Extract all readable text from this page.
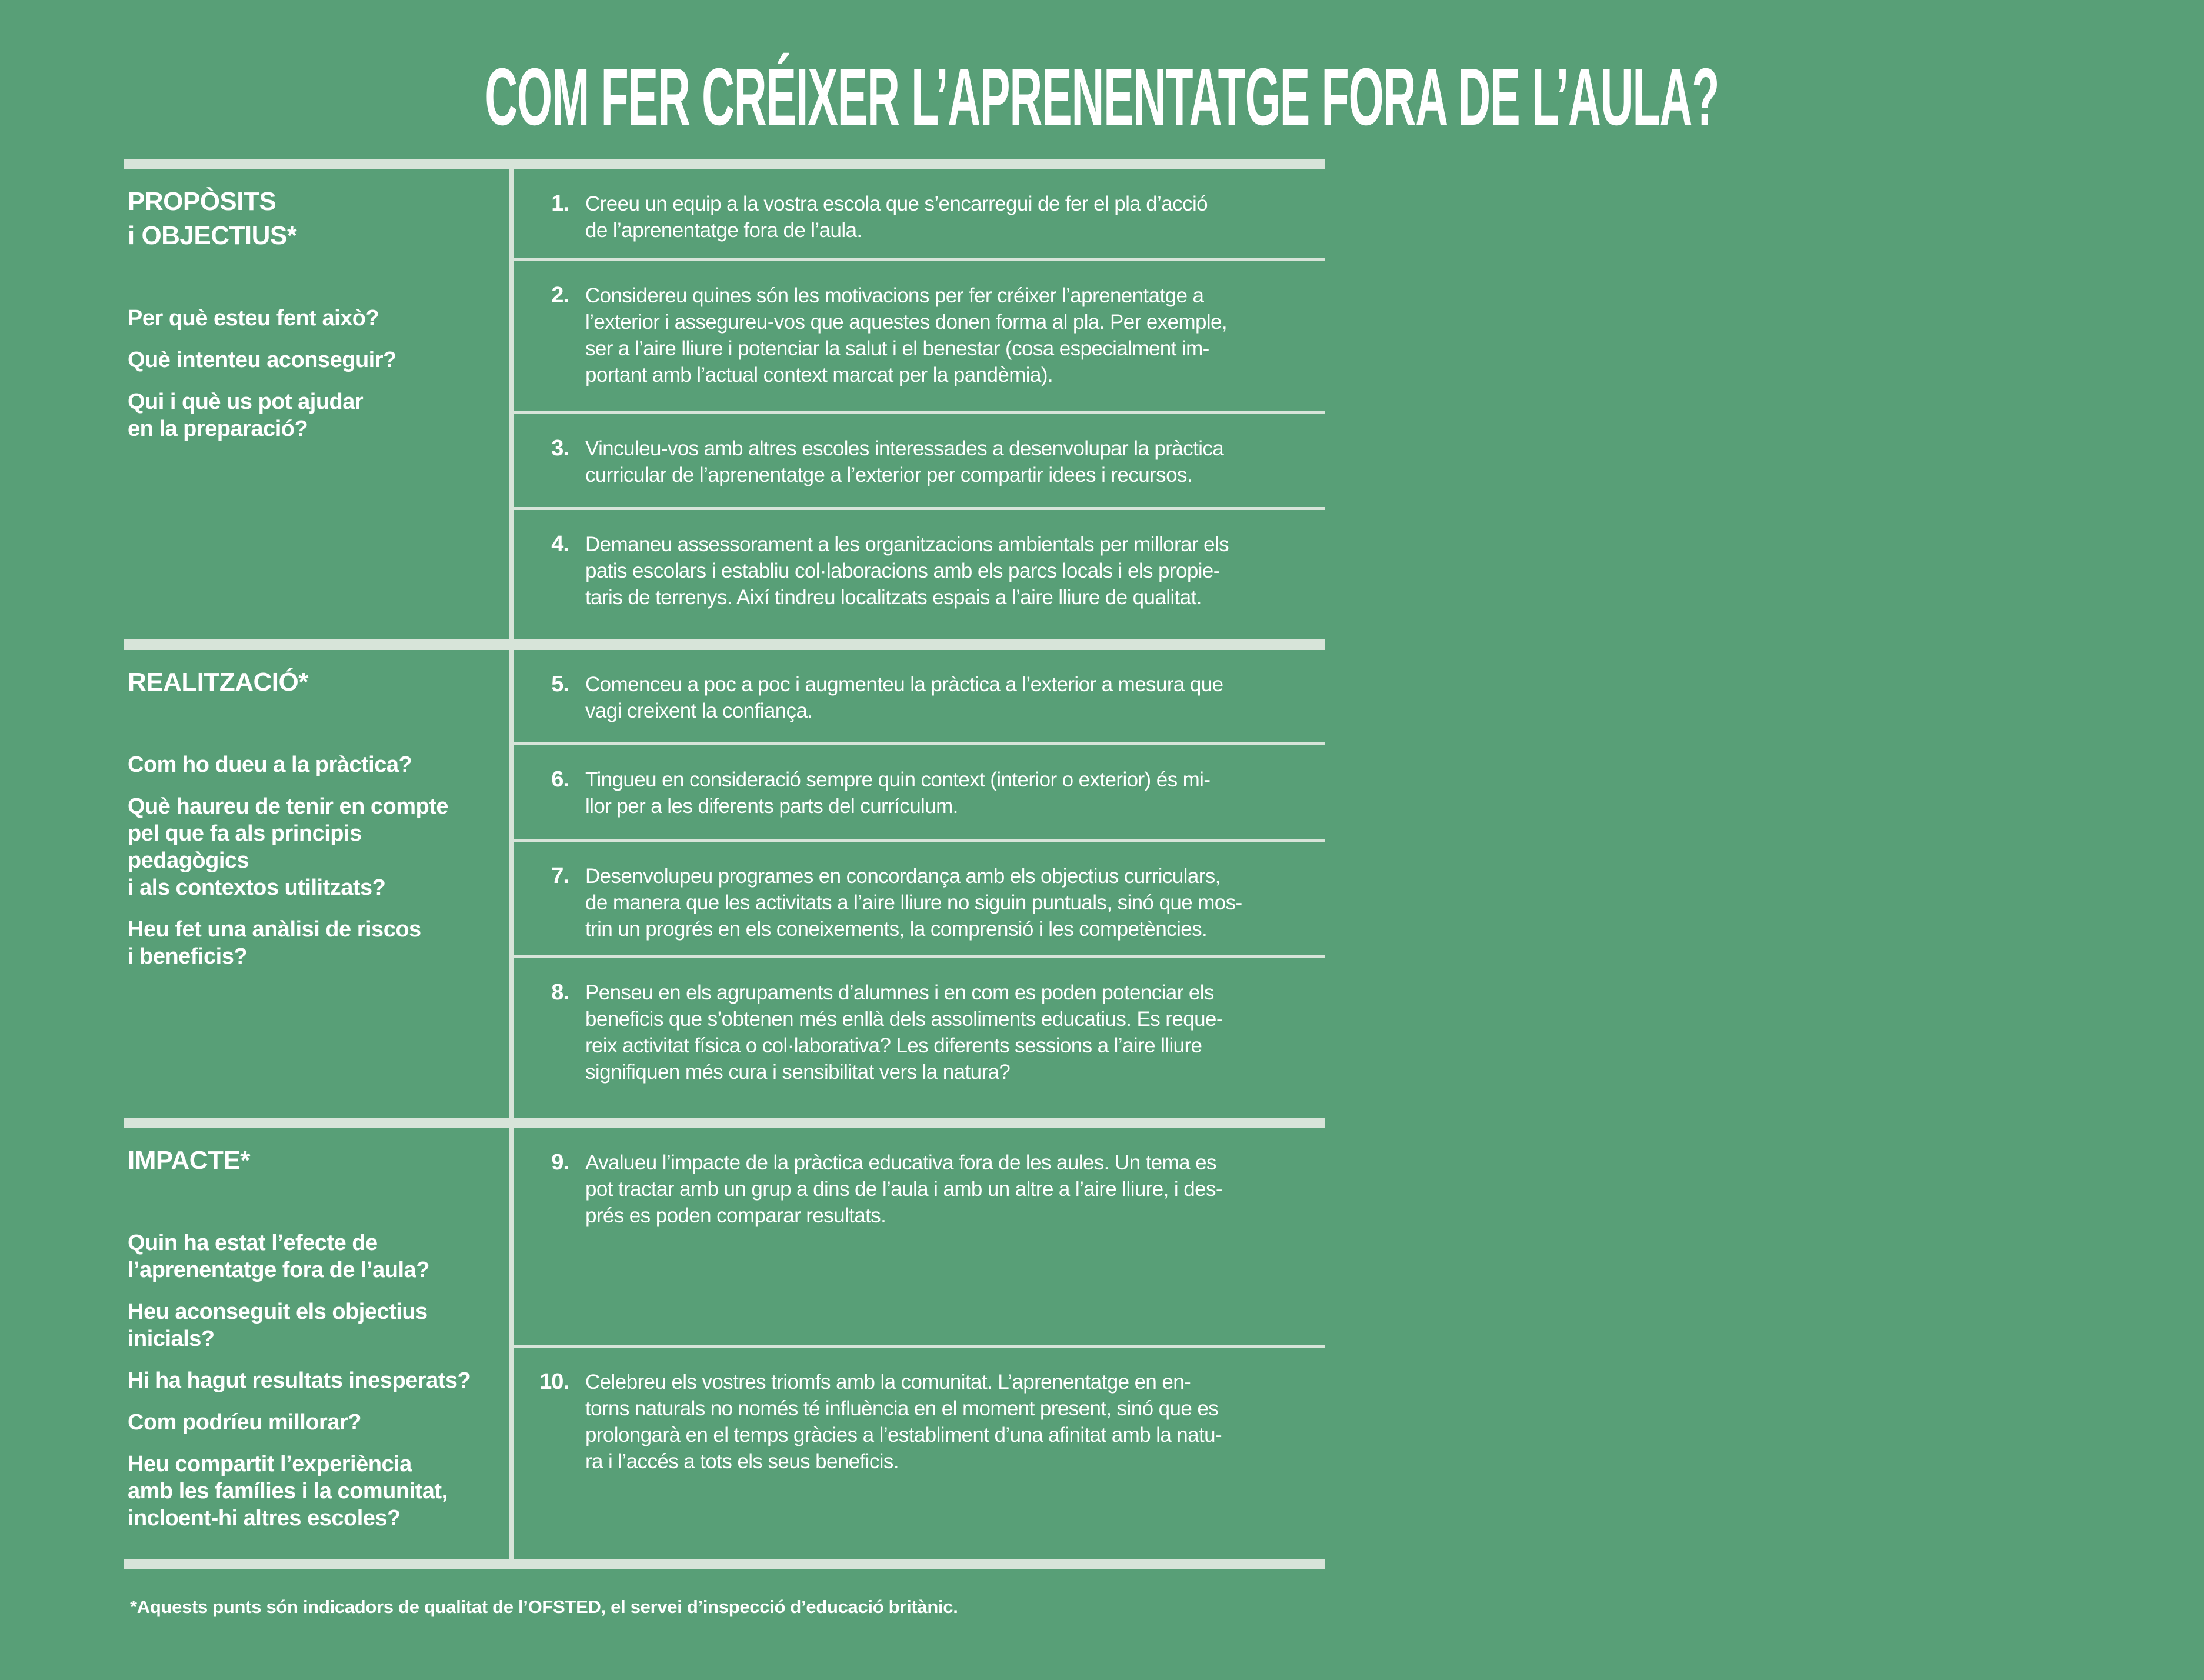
COM FER CRÉIXER L’APRENENTATGE FORA DE L’AULA?
PROPÒSITS
i OBJECTIUS*

Per què esteu fent això?

Què intenteu aconseguir?

Qui i què us pot ajudar
en la preparació?

1. Creeu un equip a la vostra escola que s’encarregui de fer el pla d’acció
de l’aprenentatge fora de l’aula.

2. Considereu quines són les motivacions per fer créixer l’aprenentatge a
l’exterior i assegureu-vos que aquestes donen forma al pla. Per exemple,
ser a l’aire lliure i potenciar la salut i el benestar (cosa especialment im-
portant amb l’actual context marcat per la pandèmia).

3. Vinculeu-vos amb altres escoles interessades a desenvolupar la pràctica
curricular de l’aprenentatge a l’exterior per compartir idees i recursos.

4. Demaneu assessorament a les organitzacions ambientals per millorar els
patis escolars i establiu col·laboracions amb els parcs locals i els propie-
taris de terrenys. Així tindreu localitzats espais a l’aire lliure de qualitat.

REALITZACIÓ*

Com ho dueu a la pràctica?

Què haureu de tenir en compte
pel que fa als principis
pedagògics
i als contextos utilitzats?

Heu fet una anàlisi de riscos
i beneficis?

5. Comenceu a poc a poc i augmenteu la pràctica a l’exterior a mesura que
vagi creixent la confiança.

6. Tingueu en consideració sempre quin context (interior o exterior) és mi-
llor per a les diferents parts del currículum.

7. Desenvolupeu programes en concordança amb els objectius curriculars,
de manera que les activitats a l’aire lliure no siguin puntuals, sinó que mos-
trin un progrés en els coneixements, la comprensió i les competències.

8. Penseu en els agrupaments d’alumnes i en com es poden potenciar els
beneficis que s’obtenen més enllà dels assoliments educatius. Es reque-
reix activitat física o col·laborativa? Les diferents sessions a l’aire lliure
signifiquen més cura i sensibilitat vers la natura?

IMPACTE*

Quin ha estat l’efecte de
l’aprenentatge fora de l’aula?

Heu aconseguit els objectius
inicials?

Hi ha hagut resultats inesperats?

Com podríeu millorar?

Heu compartit l’experiència
amb les famílies i la comunitat,
incloent-hi altres escoles?

9. Avalueu l’impacte de la pràctica educativa fora de les aules. Un tema es
pot tractar amb un grup a dins de l’aula i amb un altre a l’aire lliure, i des-
prés es poden comparar resultats.

10. Celebreu els vostres triomfs amb la comunitat. L’aprenentatge en en-
torns naturals no només té influència en el moment present, sinó que es
prolongarà en el temps gràcies a l’establiment d’una afinitat amb la natu-
ra i l’accés a tots els seus beneficis.

*Aquests punts són indicadors de qualitat de l’OFSTED, el servei d’inspecció d’educació britànic.
